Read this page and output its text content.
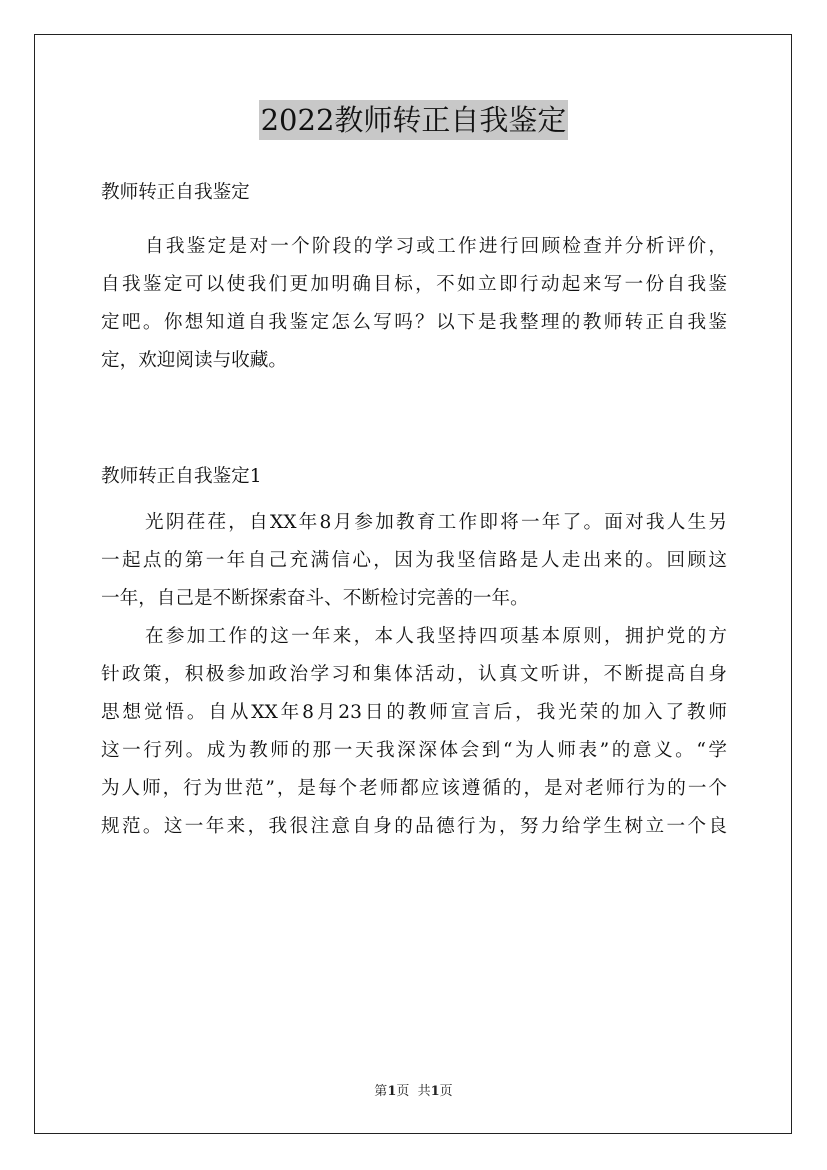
2022教师转正自我鉴定
教师转正自我鉴定
自我鉴定是对一个阶段的学习或工作进行回顾检查并分析评价，
自我鉴定可以使我们更加明确目标，不如立即行动起来写一份自我鉴
定吧。你想知道自我鉴定怎么写吗？以下是我整理的教师转正自我鉴
定，欢迎阅读与收藏。
教师转正自我鉴定1
光阴荏荏，自XX年8月参加教育工作即将一年了。面对我人生另
一起点的第一年自己充满信心，因为我坚信路是人走出来的。回顾这
一年，自己是不断探索奋斗、不断检讨完善的一年。
在参加工作的这一年来，本人我坚持四项基本原则，拥护党的方
针政策，积极参加政治学习和集体活动，认真文听讲，不断提高自身
思想觉悟。自从XX年8月23日的教师宣言后，我光荣的加入了教师
这一行列。成为教师的那一天我深深体会到“为人师表”的意义。“学
为人师，行为世范”，是每个老师都应该遵循的，是对老师行为的一个
规范。这一年来，我很注意自身的品德行为，努力给学生树立一个良
第1页  共1页
